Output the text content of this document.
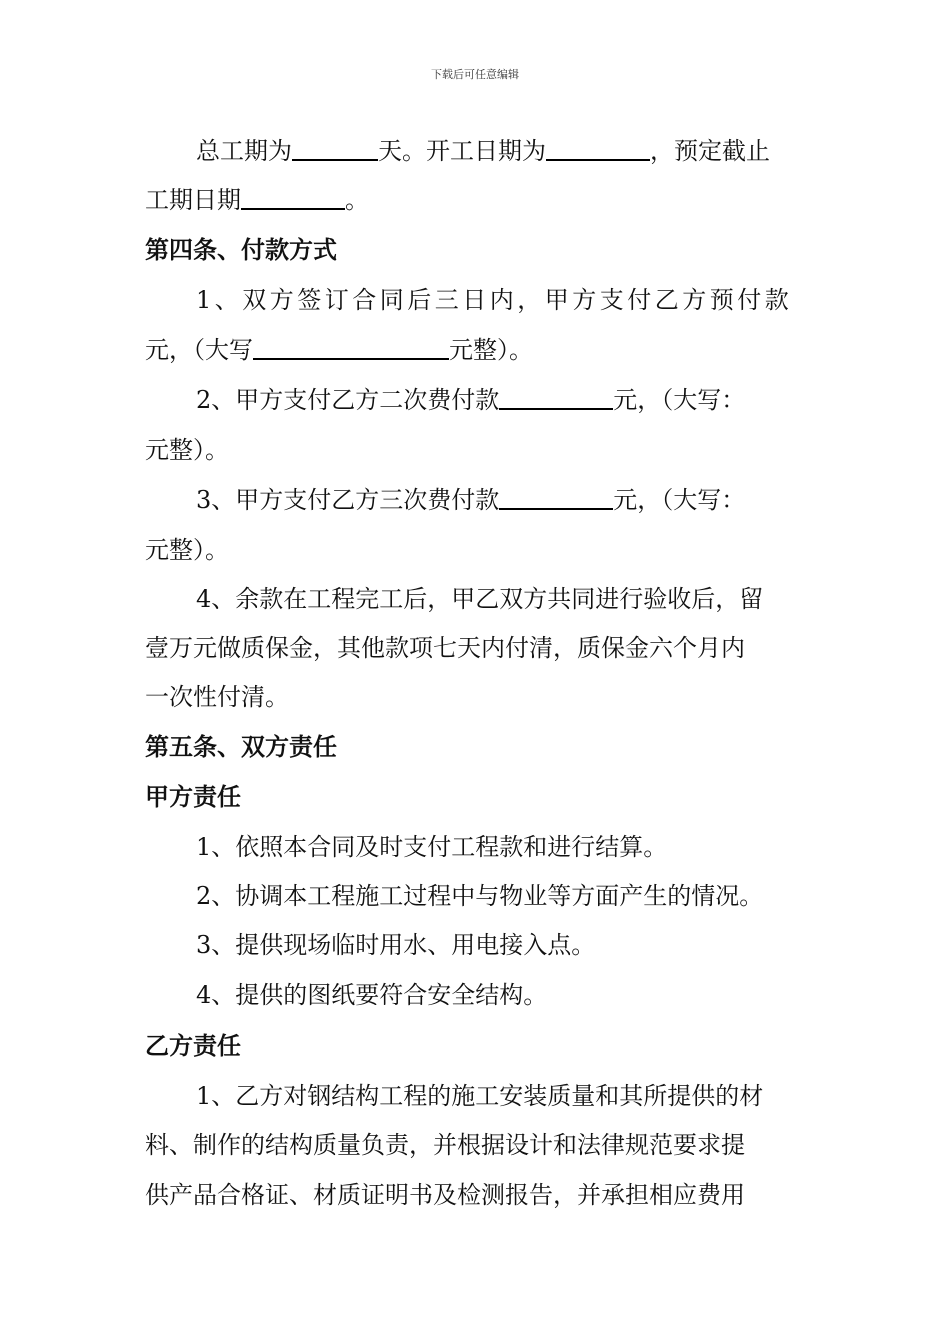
下载后可任意编辑
总工期为	天。开工日期为	，预定截止
工期日期	。
第四条、付款方式
1、双方签订合同后三日内，甲方支付乙方预付款
元，（大写	元整）。
2、甲方支付乙方二次费付款	元，（大写：
元整）。
3、甲方支付乙方三次费付款	元，（大写：
元整）。
4、余款在工程完工后，甲乙双方共同进行验收后，留
壹万元做质保金，其他款项七天内付清，质保金六个月内
一次性付清。
第五条、双方责任
甲方责任
1、依照本合同及时支付工程款和进行结算。
2、协调本工程施工过程中与物业等方面产生的情况。
3、提供现场临时用水、用电接入点。
4、提供的图纸要符合安全结构。
乙方责任
1、乙方对钢结构工程的施工安装质量和其所提供的材
料、制作的结构质量负责，并根据设计和法律规范要求提
供产品合格证、材质证明书及检测报告，并承担相应费用
